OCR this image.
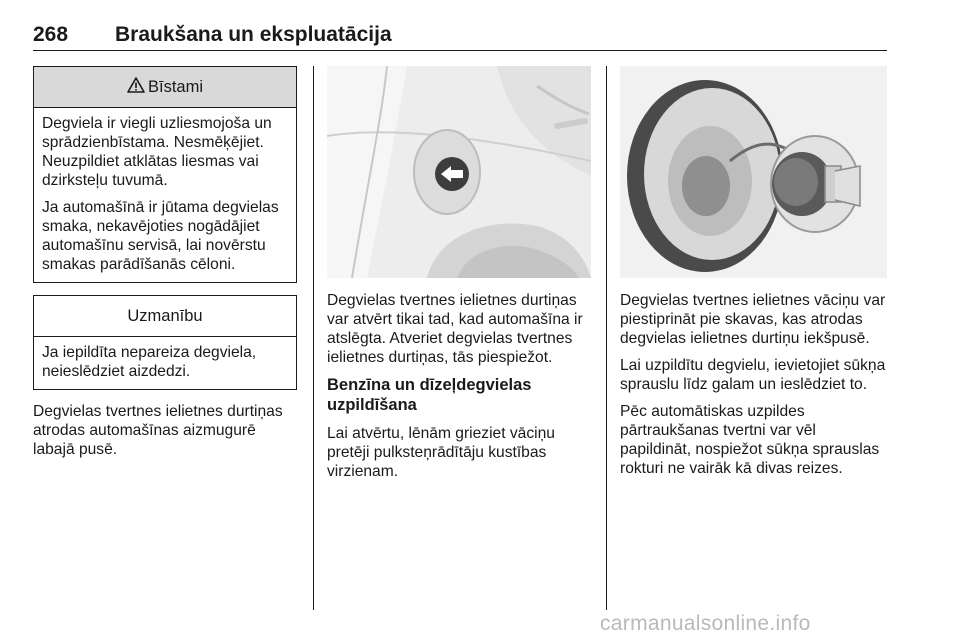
268 Braukšana un ekspluatācija
Bīstami

Degviela ir viegli uzliesmojoša un sprādzienbīstama. Nesmēķējiet. Neuzpildiet atklātas liesmas vai dzirksteļu tuvumā.

Ja automašīnā ir jūtama degvielas smaka, nekavējoties nogādājiet automašīnu servisā, lai novērstu smakas parādīšanās cēloni.

Uzmanību

Ja iepildīta nepareiza degviela, neieslēdziet aizdedzi.

Degvielas tvertnes ielietnes durtiņas atrodas automašīnas aizmugurē labajā pusē.

Degvielas tvertnes ielietnes durtiņas var atvērt tikai tad, kad automašīna ir atslēgta. Atveriet degvielas tvertnes ielietnes durtiņas, tās piespiežot.

Benzīna un dīzeļdegvielas uzpildīšana

Lai atvērtu, lēnām grieziet vāciņu pretēji pulksteņrādītāju kustības virzienam.

Degvielas tvertnes ielietnes vāciņu var piestiprināt pie skavas, kas atrodas degvielas ielietnes durtiņu iekšpusē.

Lai uzpildītu degvielu, ievietojiet sūkņa sprauslu līdz galam un ieslēdziet to.

Pēc automātiskas uzpildes pārtraukšanas tvertni var vēl papildināt, nospiežot sūkņa sprauslas rokturi ne vairāk kā divas reizes.

carmanualsonline.info
